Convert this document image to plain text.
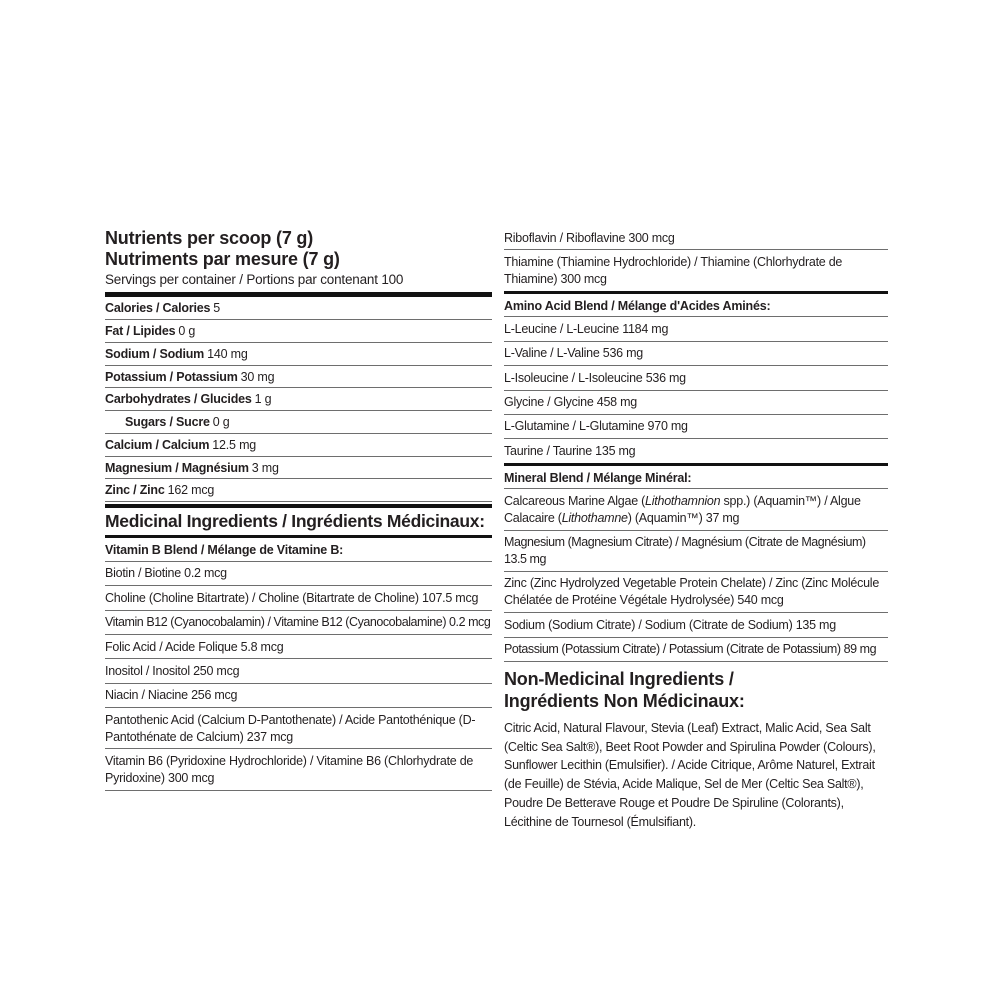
Nutrients per scoop (7 g)
Nutriments par mesure (7 g)
Servings per container / Portions par contenant 100
Calories / Calories 5
Fat / Lipides 0 g
Sodium / Sodium 140 mg
Potassium / Potassium 30 mg
Carbohydrates / Glucides 1 g
Sugars / Sucre 0 g
Calcium / Calcium 12.5 mg
Magnesium / Magnésium 3 mg
Zinc / Zinc 162 mcg
Medicinal Ingredients / Ingrédients Médicinaux:
Vitamin B Blend / Mélange de Vitamine B:
Biotin / Biotine 0.2 mcg
Choline (Choline Bitartrate) / Choline (Bitartrate de Choline) 107.5 mcg
Vitamin B12 (Cyanocobalamin) / Vitamine B12 (Cyanocobalamine) 0.2 mcg
Folic Acid / Acide Folique 5.8 mcg
Inositol / Inositol 250 mcg
Niacin / Niacine 256 mcg
Pantothenic Acid (Calcium D-Pantothenate) / Acide Pantothénique (D-Pantothénate de Calcium) 237 mcg
Vitamin B6 (Pyridoxine Hydrochloride) / Vitamine B6 (Chlorhydrate de Pyridoxine) 300 mcg
Riboflavin / Riboflavine 300 mcg
Thiamine (Thiamine Hydrochloride) / Thiamine (Chlorhydrate de Thiamine) 300 mcg
Amino Acid Blend / Mélange d'Acides Aminés:
L-Leucine / L-Leucine 1184 mg
L-Valine / L-Valine 536 mg
L-Isoleucine / L-Isoleucine 536 mg
Glycine / Glycine 458 mg
L-Glutamine / L-Glutamine 970 mg
Taurine / Taurine 135 mg
Mineral Blend / Mélange Minéral:
Calcareous Marine Algae (Lithothamnion spp.) (Aquamin™) / Algue Calacaire (Lithothamne) (Aquamin™) 37 mg
Magnesium (Magnesium Citrate) / Magnésium (Citrate de Magnésium) 13.5 mg
Zinc (Zinc Hydrolyzed Vegetable Protein Chelate) / Zinc (Zinc Molécule Chélatée de Protéine Végétale Hydrolysée) 540 mcg
Sodium (Sodium Citrate) / Sodium (Citrate de Sodium) 135 mg
Potassium (Potassium Citrate) / Potassium (Citrate de Potassium) 89 mg
Non-Medicinal Ingredients /
Ingrédients Non Médicinaux:
Citric Acid, Natural Flavour, Stevia (Leaf) Extract, Malic Acid, Sea Salt (Celtic Sea Salt®), Beet Root Powder and Spirulina Powder (Colours), Sunflower Lecithin (Emulsifier). / Acide Citrique, Arôme Naturel, Extrait (de Feuille) de Stévia, Acide Malique, Sel de Mer (Celtic Sea Salt®), Poudre De Betterave Rouge et Poudre De Spiruline (Colorants), Lécithine de Tournesol (Émulsifiant).
